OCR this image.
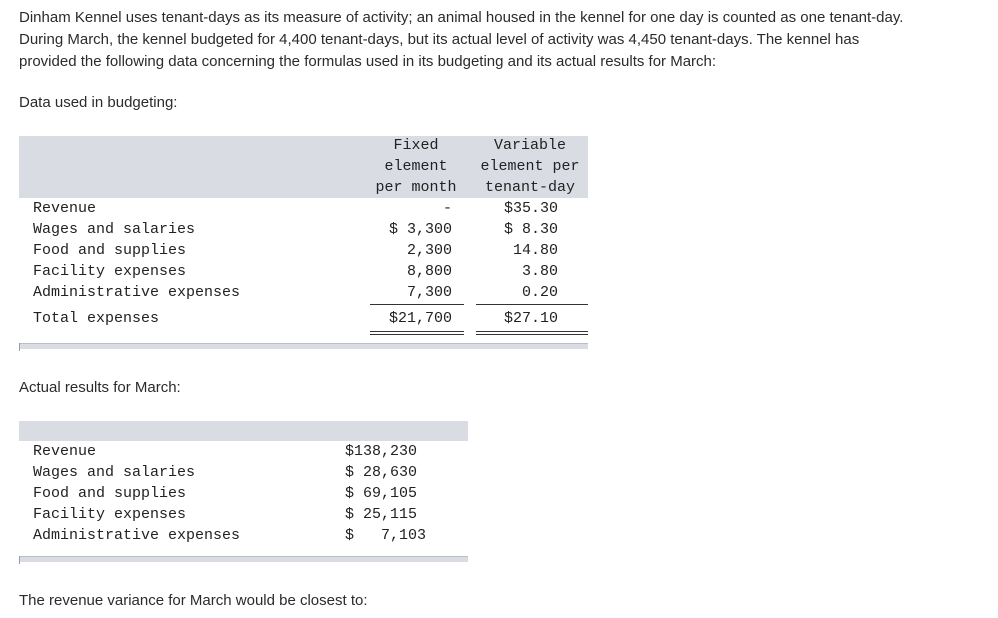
Dinham Kennel uses tenant-days as its measure of activity; an animal housed in the kennel for one day is counted as one tenant-day. During March, the kennel budgeted for 4,400 tenant-days, but its actual level of activity was 4,450 tenant-days. The kennel has provided the following data concerning the formulas used in its budgeting and its actual results for March:
Data used in budgeting:
Fixed
element
per month
Variable
element per
tenant-day
Revenue	-	$35.30
Wages and salaries	$ 3,300	$ 8.30
Food and supplies	2,300	14.80
Facility expenses	8,800	3.80
Administrative expenses	7,300	0.20
Total expenses	$21,700	$27.10
Actual results for March:
Revenue	$138,230
Wages and salaries	$ 28,630
Food and supplies	$ 69,105
Facility expenses	$ 25,115
Administrative expenses	$   7,103
The revenue variance for March would be closest to:
